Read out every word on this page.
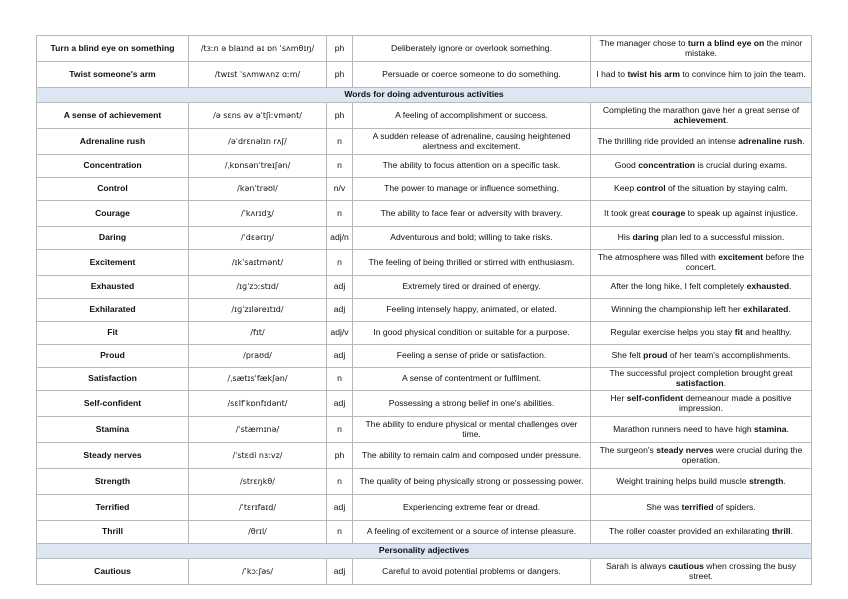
Turn a blind eye on something	/tɜːn ə blaɪnd aɪ ɒn ˈsʌmθɪŋ/	ph	Deliberately ignore or overlook something.	The manager chose to turn a blind eye on the minor mistake.
Twist someone's arm	/twɪst ˈsʌmwʌnz ɑːm/	ph	Persuade or coerce someone to do something.	I had to twist his arm to convince him to join the team.
Words for doing adventurous activities				
A sense of achievement	/ə sɛns əv əˈtʃiːvmənt/	ph	A feeling of accomplishment or success.	Completing the marathon gave her a great sense of achievement.
Adrenaline rush	/əˈdrɛnəlɪn rʌʃ/	n	A sudden release of adrenaline, causing heightened alertness and excitement.	The thrilling ride provided an intense adrenaline rush.
Concentration	/ˌkɒnsənˈtreɪʃən/	n	The ability to focus attention on a specific task.	Good concentration is crucial during exams.
Control	/kənˈtrəʊl/	n/v	The power to manage or influence something.	Keep control of the situation by staying calm.
Courage	/ˈkʌrɪdʒ/	n	The ability to face fear or adversity with bravery.	It took great courage to speak up against injustice.
Daring	/ˈdɛərɪŋ/	adj/n	Adventurous and bold; willing to take risks.	His daring plan led to a successful mission.
Excitement	/ɪkˈsaɪtmənt/	n	The feeling of being thrilled or stirred with enthusiasm.	The atmosphere was filled with excitement before the concert.
Exhausted	/ɪɡˈzɔːstɪd/	adj	Extremely tired or drained of energy.	After the long hike, I felt completely exhausted.
Exhilarated	/ɪɡˈzɪləreɪtɪd/	adj	Feeling intensely happy, animated, or elated.	Winning the championship left her exhilarated.
Fit	/fɪt/	adj/v	In good physical condition or suitable for a purpose.	Regular exercise helps you stay fit and healthy.
Proud	/praʊd/	adj	Feeling a sense of pride or satisfaction.	She felt proud of her team's accomplishments.
Satisfaction	/ˌsætɪsˈfækʃən/	n	A sense of contentment or fulfilment.	The successful project completion brought great satisfaction.
Self-confident	/sɛlfˈkɒnfɪdənt/	adj	Possessing a strong belief in one's abilities.	Her self-confident demeanour made a positive impression.
Stamina	/ˈstæmɪnə/	n	The ability to endure physical or mental challenges over time.	Marathon runners need to have high stamina.
Steady nerves	/ˈstɛdi nɜːvz/	ph	The ability to remain calm and composed under pressure.	The surgeon's steady nerves were crucial during the operation.
Strength	/strɛŋkθ/	n	The quality of being physically strong or possessing power.	Weight training helps build muscle strength.
Terrified	/ˈtɛrɪfaɪd/	adj	Experiencing extreme fear or dread.	She was terrified of spiders.
Thrill	/θrɪl/	n	A feeling of excitement or a source of intense pleasure.	The roller coaster provided an exhilarating thrill.
Personality adjectives				
Cautious	/ˈkɔːʃəs/	adj	Careful to avoid potential problems or dangers.	Sarah is always cautious when crossing the busy street.
